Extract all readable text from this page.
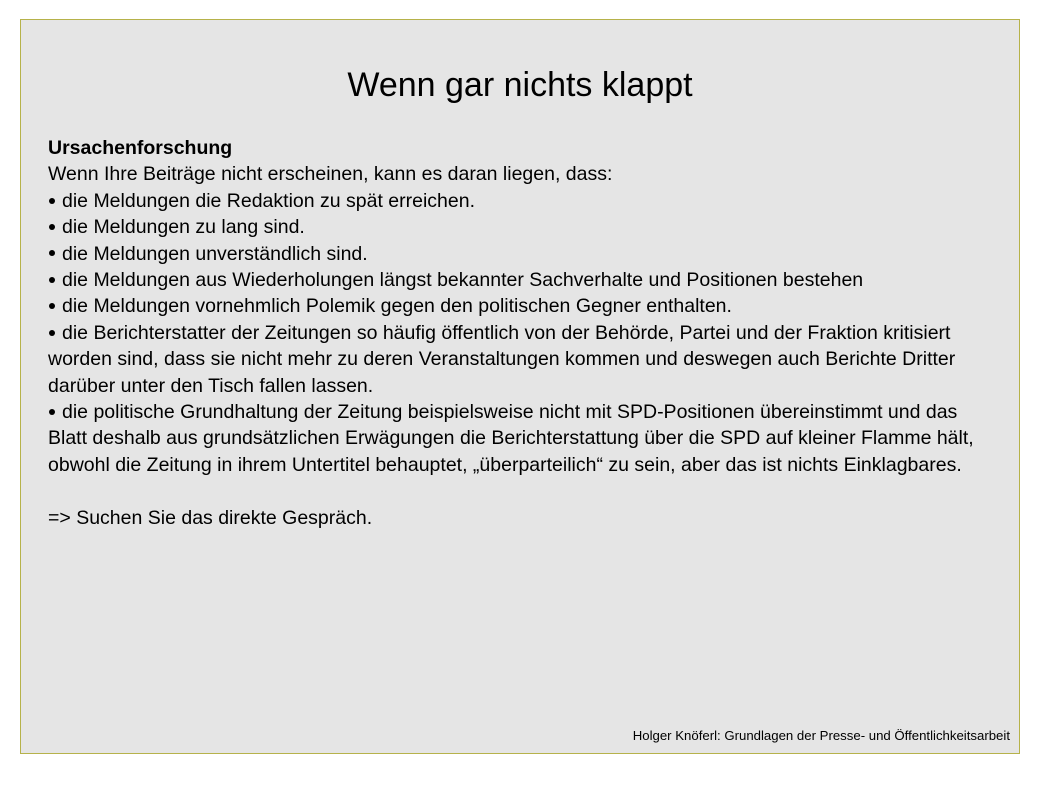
Wenn gar nichts klappt
Ursachenforschung
Wenn Ihre Beiträge nicht erscheinen, kann es daran liegen, dass:
die Meldungen die Redaktion zu spät erreichen.
die Meldungen zu lang sind.
die Meldungen unverständlich sind.
die Meldungen aus Wiederholungen längst bekannter Sachverhalte und Positionen bestehen
die Meldungen vornehmlich Polemik gegen den politischen Gegner enthalten.
die Berichterstatter der Zeitungen so häufig öffentlich von der Behörde, Partei und der Fraktion kritisiert worden sind, dass sie nicht mehr zu deren Veranstaltungen kommen und deswegen auch Berichte Dritter darüber unter den Tisch fallen lassen.
die politische Grundhaltung der Zeitung beispielsweise nicht mit SPD-Positionen übereinstimmt und das Blatt deshalb aus grundsätzlichen Erwägungen die Berichterstattung über die SPD auf kleiner Flamme hält, obwohl die Zeitung in ihrem Untertitel behauptet, „überparteilich“ zu sein, aber das ist nichts Einklagbares.
=> Suchen Sie das direkte Gespräch.
Holger Knöferl: Grundlagen der Presse- und Öffentlichkeitsarbeit
